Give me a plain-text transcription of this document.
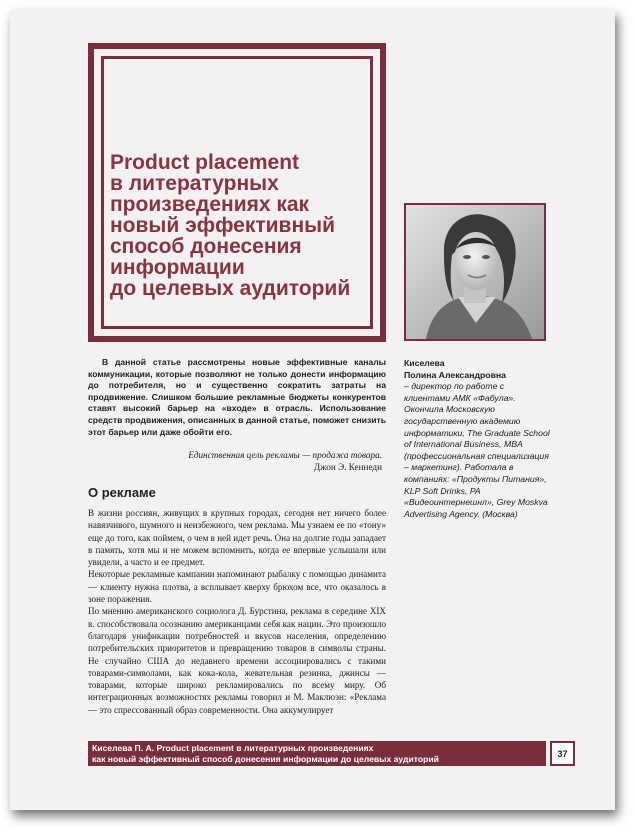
Product placement
в литературных
произведениях как
новый эффективный
способ донесения
информации
до целевых аудиторий

В данной статье рассмотрены новые эффективные каналы коммуникации, которые позволяют не только донести информацию до потребителя, но и существенно сократить затраты на продвижение. Слишком большие рекламные бюджеты конкурентов ставят высокий барьер на «входе» в отрасль. Использование средств продвижения, описанных в данной статье, поможет снизить этот барьер или даже обойти его.

Единственная цель рекламы — продажа товара.
Джон Э. Кеннеди
О рекламе

В жизни россиян, живущих в крупных городах, сегодня нет ничего более навязчивого, шумного и неизбежного, чем реклама. Мы узнаем ее по «тону» еще до того, как поймем, о чем в ней идет речь. Она на долгие годы западает в память, хотя мы и не можем вспомнить, когда ее впервые услышали или увидели, а часто и ее предмет.

Некоторые рекламные кампании напоминают рыбалку с помощью динамита — клиенту нужна плотва, а всплывает кверху брюхом все, что оказалось в зоне поражения.

По мнению американского социолога Д. Бурстина, реклама в середине XIX в. способствовала осознанию американцами себя как нации. Это произошло благодаря унификации потребностей и вкусов населения, определению потребительских приоритетов и превращению товаров в символы страны. Не случайно США до недавнего времени ассоциировались с такими товарами-символами, как кока-кола, жевательная резинка, джинсы — товарами, которые широко рекламировались по всему миру. Об интеграционных возможностях рекламы говорил и М. Маклюэн: «Реклама — это спрессованный образ современности. Она аккумулирует

Киселева
Полина Александровна
– директор по работе с клиентами АМК «Фабула». Окончила Московскую государственную академию информатики, The Graduate School of International Business, MBA (профессиональная специализация – маркетинг). Работала в компаниях: «Продукты Питания», KLP Soft Drinks, РА «Видеоинтернешнл», Grey Moskva Advertising Agency. (Москва)

Киселева П. А. Product placement в литературных произведениях
как новый эффективный способ донесения информации до целевых аудиторий

37
